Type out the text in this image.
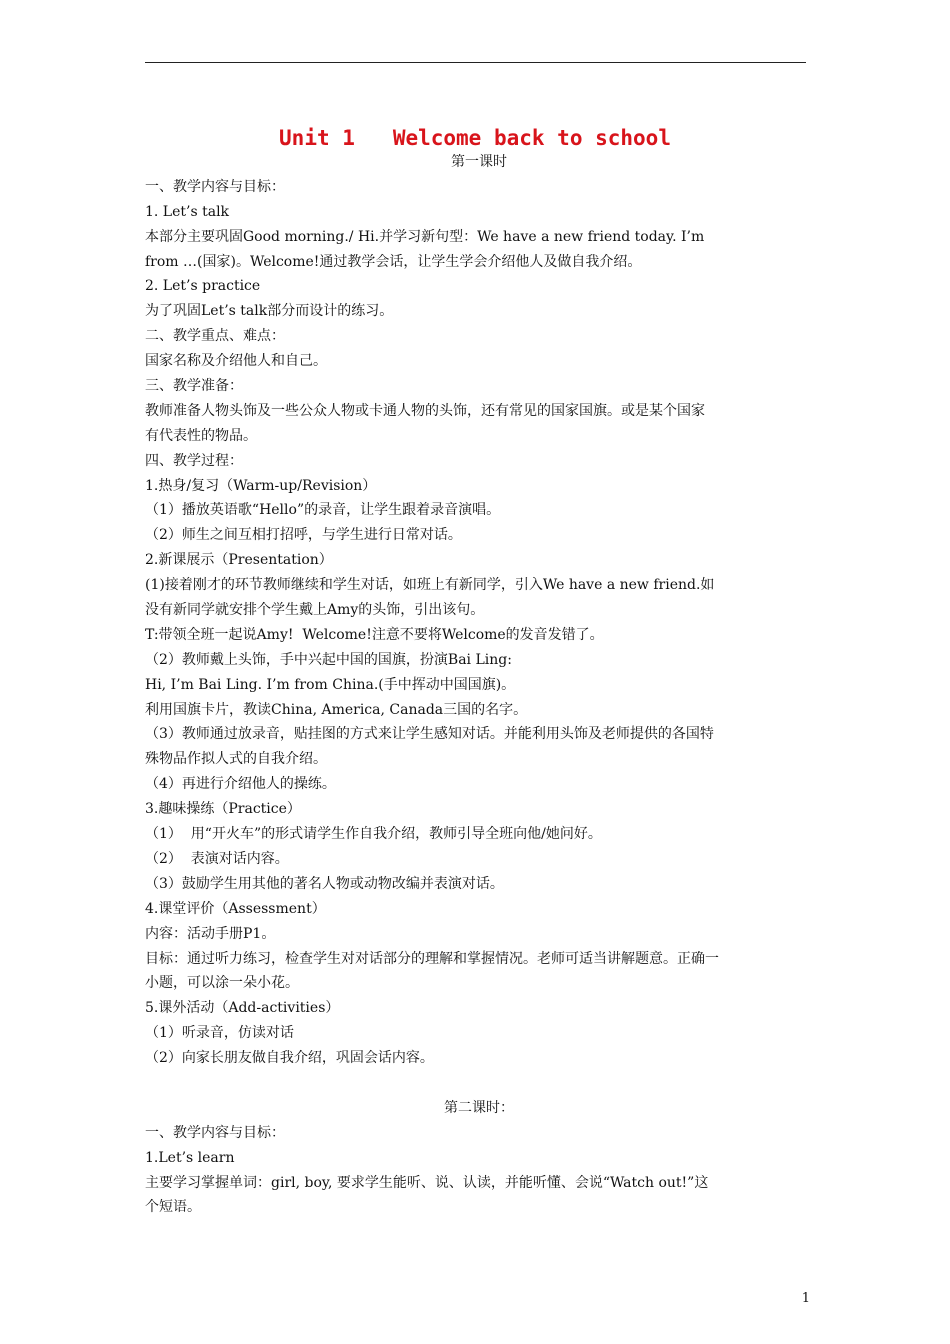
Unit 1   Welcome back to school
第一课时
一、教学内容与目标：
1. Let’s talk
本部分主要巩固Good morning./ Hi.并学习新句型：We have a new friend today. I’m
from …(国家)。Welcome!通过教学会话，让学生学会介绍他人及做自我介绍。
2. Let’s practice
为了巩固Let’s talk部分而设计的练习。
二、教学重点、难点：
国家名称及介绍他人和自己。
三、教学准备：
教师准备人物头饰及一些公众人物或卡通人物的头饰，还有常见的国家国旗。或是某个国家
有代表性的物品。
四、教学过程：
1.热身/复习（Warm-up/Revision）
（1）播放英语歌“Hello”的录音，让学生跟着录音演唱。
（2）师生之间互相打招呼，与学生进行日常对话。
2.新课展示（Presentation）
(1)接着刚才的环节教师继续和学生对话，如班上有新同学，引入We have a new friend.如
没有新同学就安排个学生戴上Amy的头饰，引出该句。
T:带领全班一起说Amy!  Welcome!注意不要将Welcome的发音发错了。
（2）教师戴上头饰，手中兴起中国的国旗，扮演Bai Ling:
Hi, I’m Bai Ling. I’m from China.(手中挥动中国国旗)。
利用国旗卡片，教读China, America, Canada三国的名字。
（3）教师通过放录音，贴挂图的方式来让学生感知对话。并能利用头饰及老师提供的各国特
殊物品作拟人式的自我介绍。
（4）再进行介绍他人的操练。
3.趣味操练（Practice）
（1）  用“开火车”的形式请学生作自我介绍，教师引导全班向他/她问好。
（2）  表演对话内容。
（3）鼓励学生用其他的著名人物或动物改编并表演对话。
4.课堂评价（Assessment）
内容：活动手册P1。
目标：通过听力练习，检查学生对对话部分的理解和掌握情况。老师可适当讲解题意。正确一
小题，可以涂一朵小花。
5.课外活动（Add-activities）
（1）听录音，仿读对话
（2）向家长朋友做自我介绍，巩固会话内容。
第二课时：
一、教学内容与目标：
1.Let’s learn
主要学习掌握单词：girl, boy, 要求学生能听、说、认读，并能听懂、会说“Watch out!”这
个短语。
1
